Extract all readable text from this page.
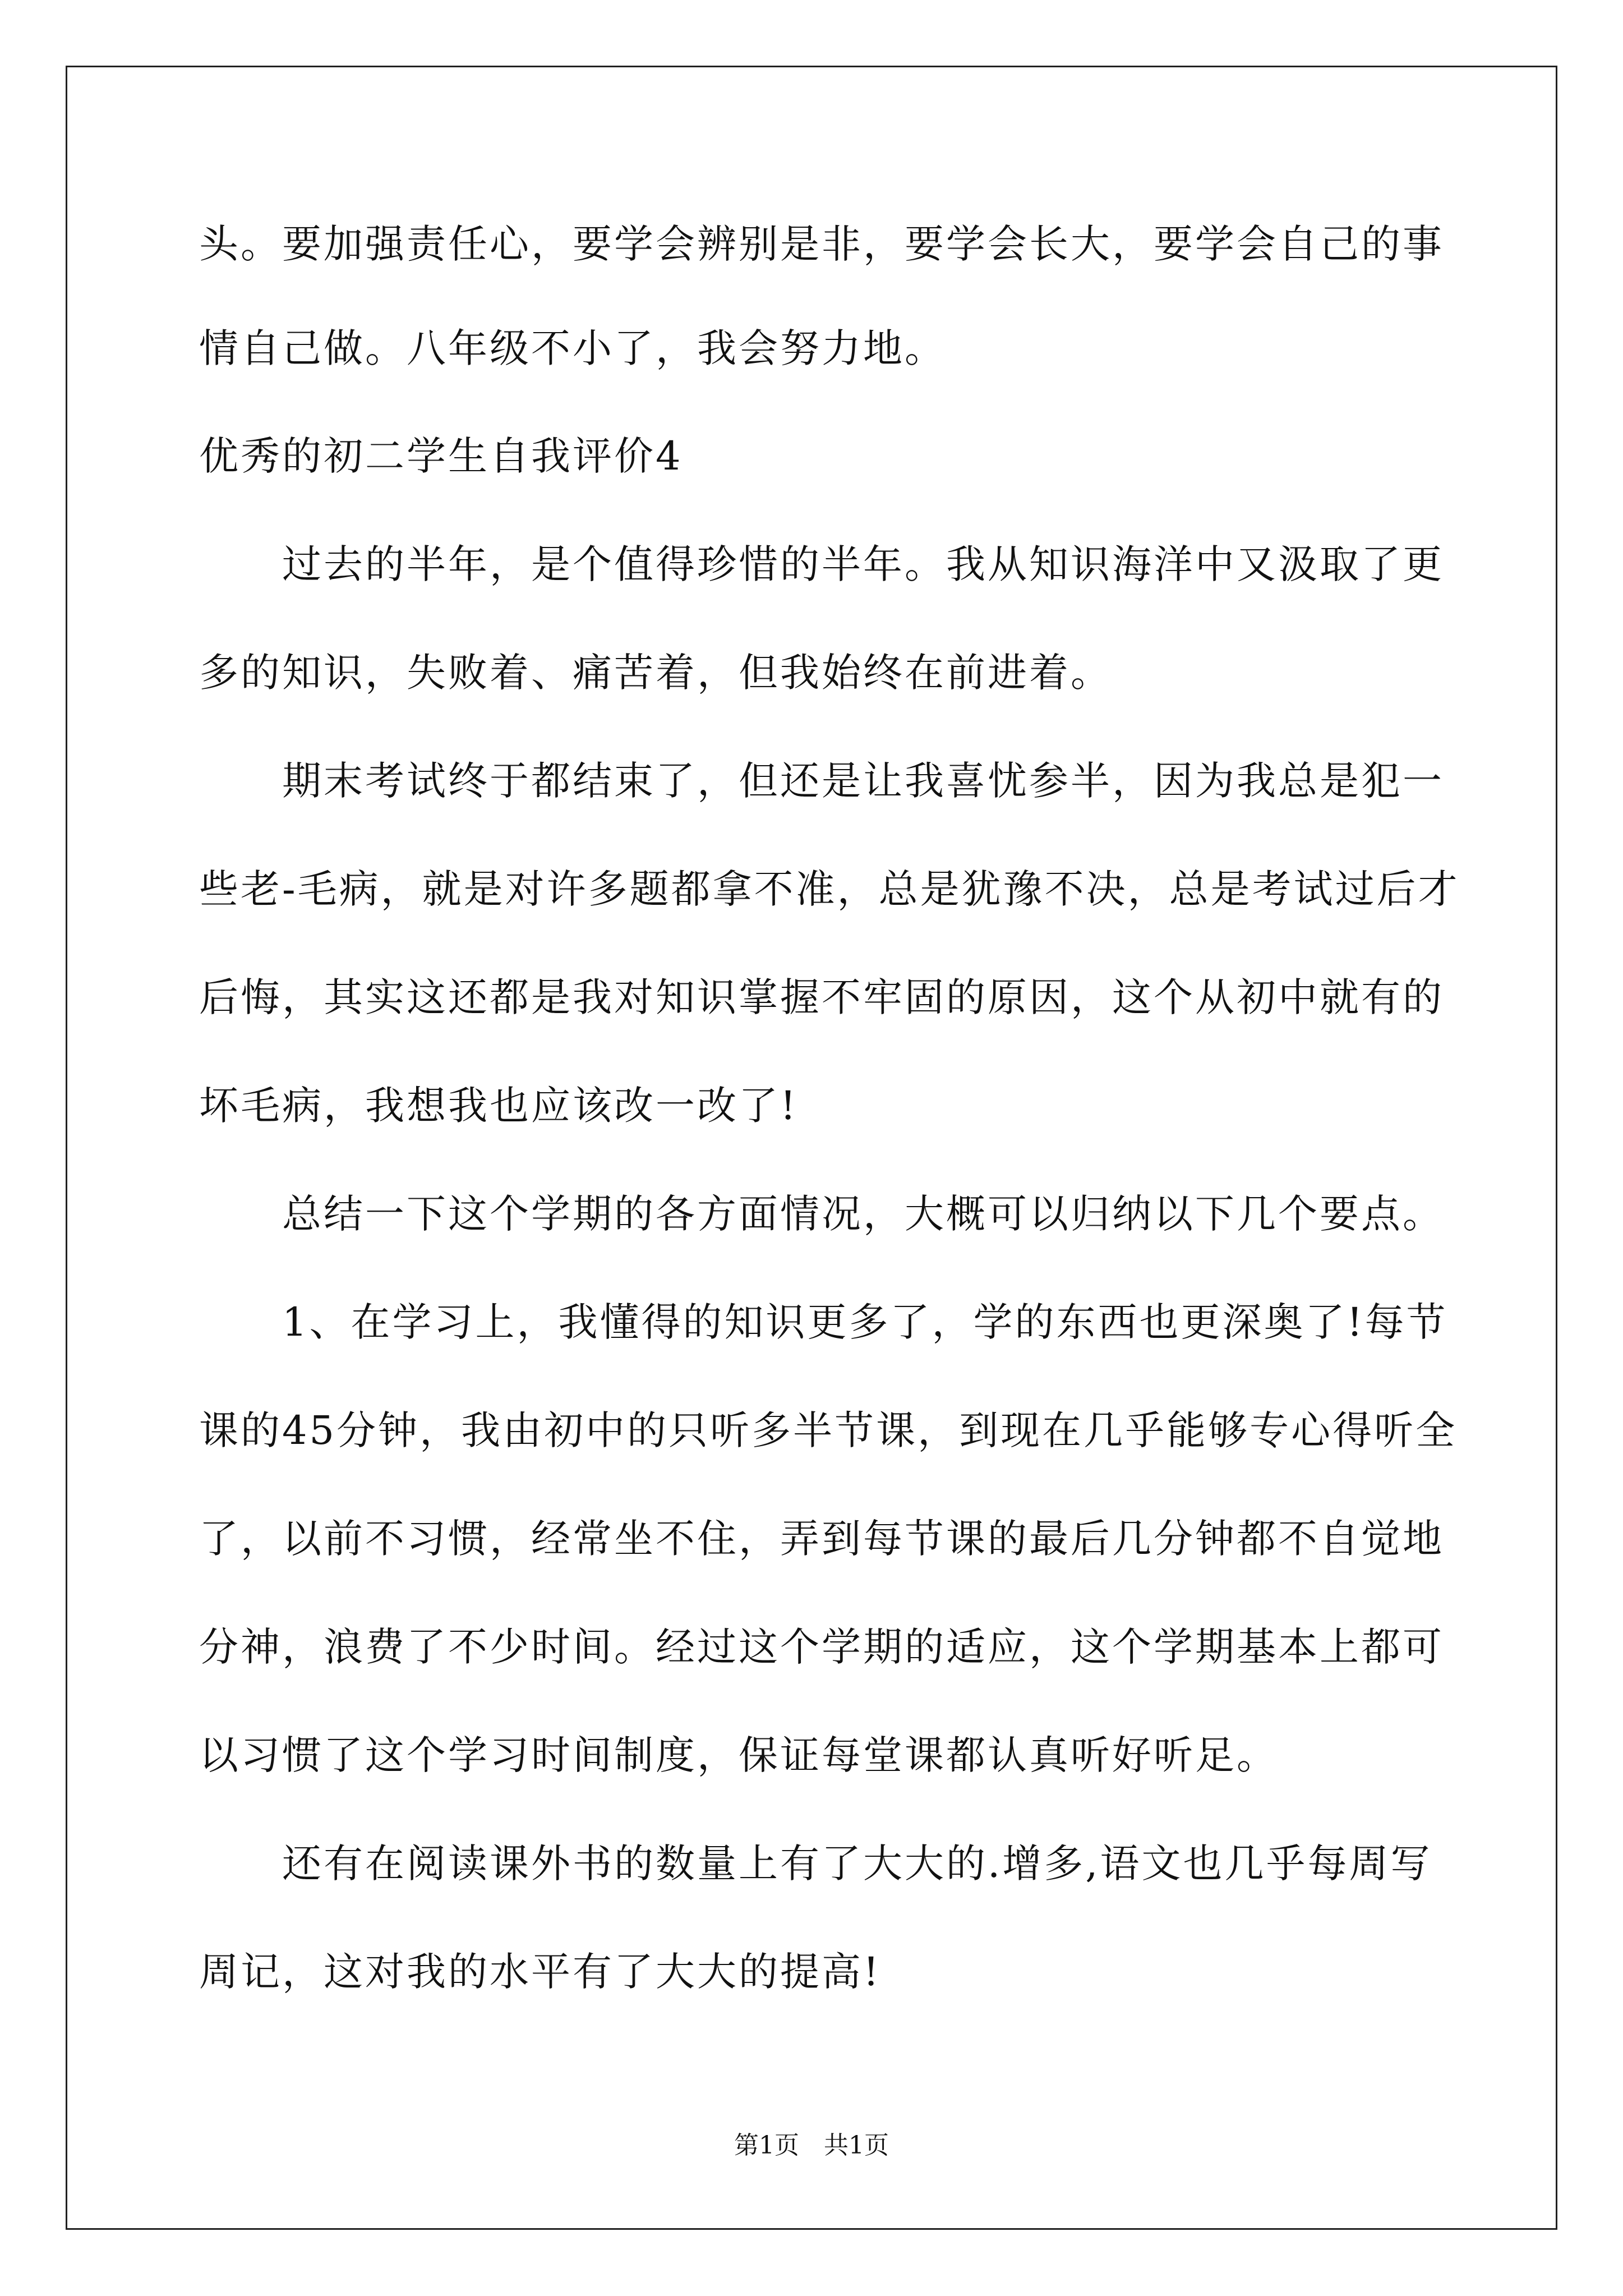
头。要加强责任心，要学会辨别是非，要学会长大，要学会自己的事
情自己做。八年级不小了，我会努力地。
优秀的初二学生自我评价4
过去的半年，是个值得珍惜的半年。我从知识海洋中又汲取了更
多的知识，失败着、痛苦着，但我始终在前进着。
期末考试终于都结束了，但还是让我喜忧参半，因为我总是犯一
些老-毛病，就是对许多题都拿不准，总是犹豫不决，总是考试过后才
后悔，其实这还都是我对知识掌握不牢固的原因，这个从初中就有的
坏毛病，我想我也应该改一改了!
总结一下这个学期的各方面情况，大概可以归纳以下几个要点。
1、在学习上，我懂得的知识更多了，学的东西也更深奥了!每节
课的45分钟，我由初中的只听多半节课，到现在几乎能够专心得听全
了，以前不习惯，经常坐不住，弄到每节课的最后几分钟都不自觉地
分神，浪费了不少时间。经过这个学期的适应，这个学期基本上都可
以习惯了这个学习时间制度，保证每堂课都认真听好听足。
还有在阅读课外书的数量上有了大大的.增多,语文也几乎每周写
周记，这对我的水平有了大大的提高!
第1页　共1页
